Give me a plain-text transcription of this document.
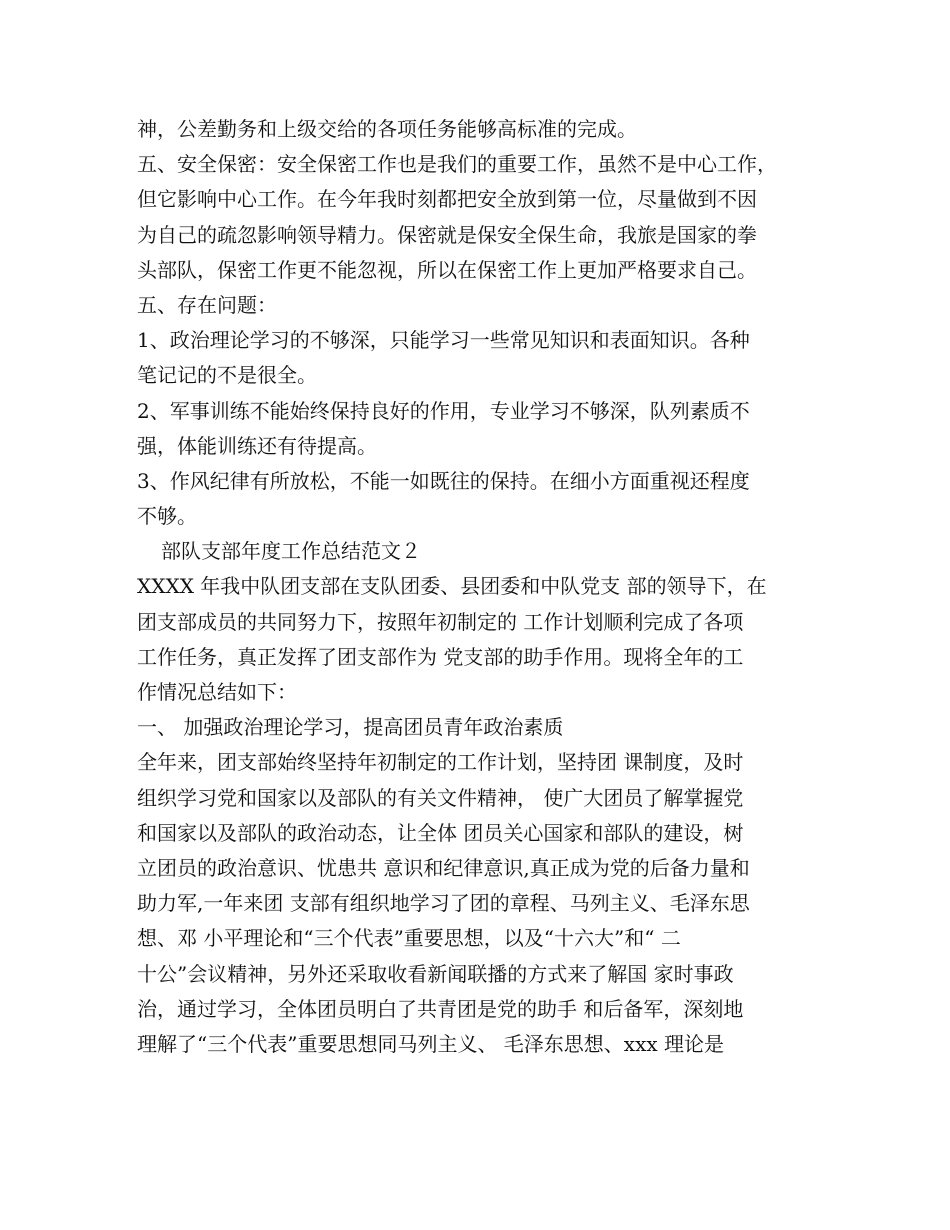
神，公差勤务和上级交给的各项任务能够高标准的完成。
五、安全保密：安全保密工作也是我们的重要工作，虽然不是中心工作，
但它影响中心工作。在今年我时刻都把安全放到第一位，尽量做到不因
为自己的疏忽影响领导精力。保密就是保安全保生命，我旅是国家的拳
头部队，保密工作更不能忽视，所以在保密工作上更加严格要求自己。
五、存在问题：
1、政治理论学习的不够深，只能学习一些常见知识和表面知识。各种
笔记记的不是很全。
2、军事训练不能始终保持良好的作用，专业学习不够深，队列素质不
强，体能训练还有待提高。
3、作风纪律有所放松，不能一如既往的保持。在细小方面重视还程度
不够。
部队支部年度工作总结范文２
XXXX 年我中队团支部在支队团委、县团委和中队党支 部的领导下，在
团支部成员的共同努力下，按照年初制定的 工作计划顺利完成了各项
工作任务，真正发挥了团支部作为 党支部的助手作用。现将全年的工
作情况总结如下：
一、 加强政治理论学习，提高团员青年政治素质
全年来，团支部始终坚持年初制定的工作计划，坚持团 课制度，及时
组织学习党和国家以及部队的有关文件精神， 使广大团员了解掌握党
和国家以及部队的政治动态，让全体 团员关心国家和部队的建设，树
立团员的政治意识、忧患共 意识和纪律意识,真正成为党的后备力量和
助力军,一年来团 支部有组织地学习了团的章程、马列主义、毛泽东思
想、邓 小平理论和“三个代表”重要思想，以及“十六大”和“ 二
十公”会议精神，另外还采取收看新闻联播的方式来了解国 家时事政
治，通过学习，全体团员明白了共青团是党的助手 和后备军，深刻地
理解了“三个代表”重要思想同马列主义、 毛泽东思想、xxx 理论是
